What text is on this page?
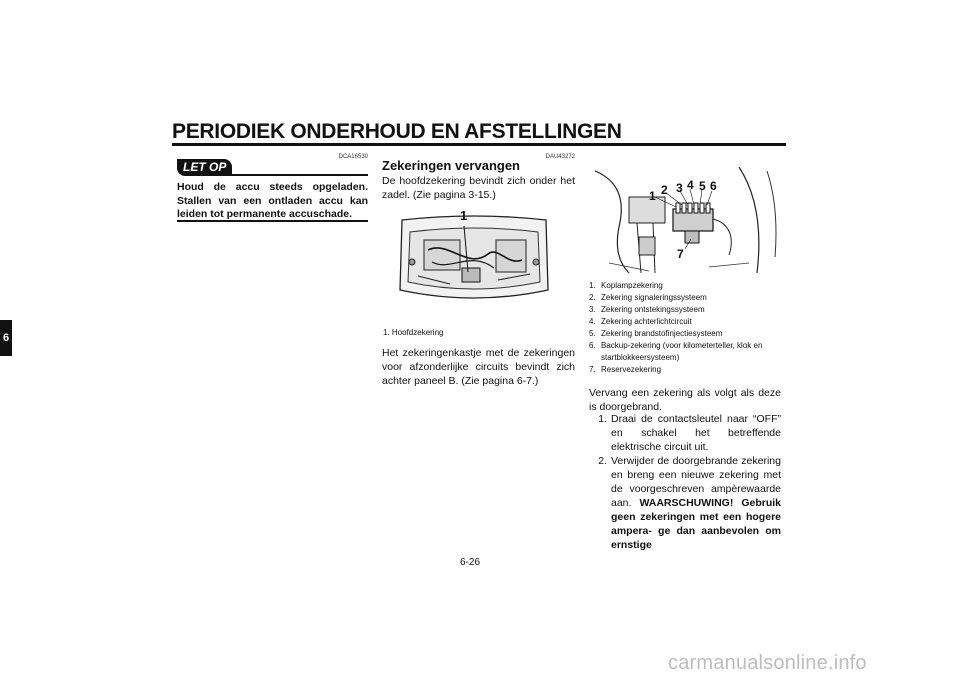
PERIODIEK ONDERHOUD EN AFSTELLINGEN
6
DCA16530
LET OP
Houd de accu steeds opgeladen. Stallen van een ontladen accu kan leiden tot permanente accuschade.
DAU43272
Zekeringen vervangen
De hoofdzekering bevindt zich onder het zadel. (Zie pagina 3-15.)
1
1. Hoofdzekering
Het zekeringenkastje met de zekeringen voor afzonderlijke circuits bevindt zich achter paneel B. (Zie pagina 6-7.)
1 2 3 4 5 6
7
1. Koplampzekering
2. Zekering signaleringssysteem
3. Zekering ontstekingssysteem
4. Zekering achterlichtcircuit
5. Zekering brandstofinjectiesysteem
6. Backup-zekering (voor kilometerteller, klok en startblokkeersysteem)
7. Reservezekering
Vervang een zekering als volgt als deze is doorgebrand.
1. Draai de contactsleutel naar “OFF” en schakel het betreffende elektrische circuit uit.
2. Verwijder de doorgebrande zekering en breng een nieuwe zekering met de voorgeschreven ampèrewaarde aan. WAARSCHUWING! Gebruik geen zekeringen met een hogere ampera- ge dan aanbevolen om ernstige
6-26
carmanualsonline.info
